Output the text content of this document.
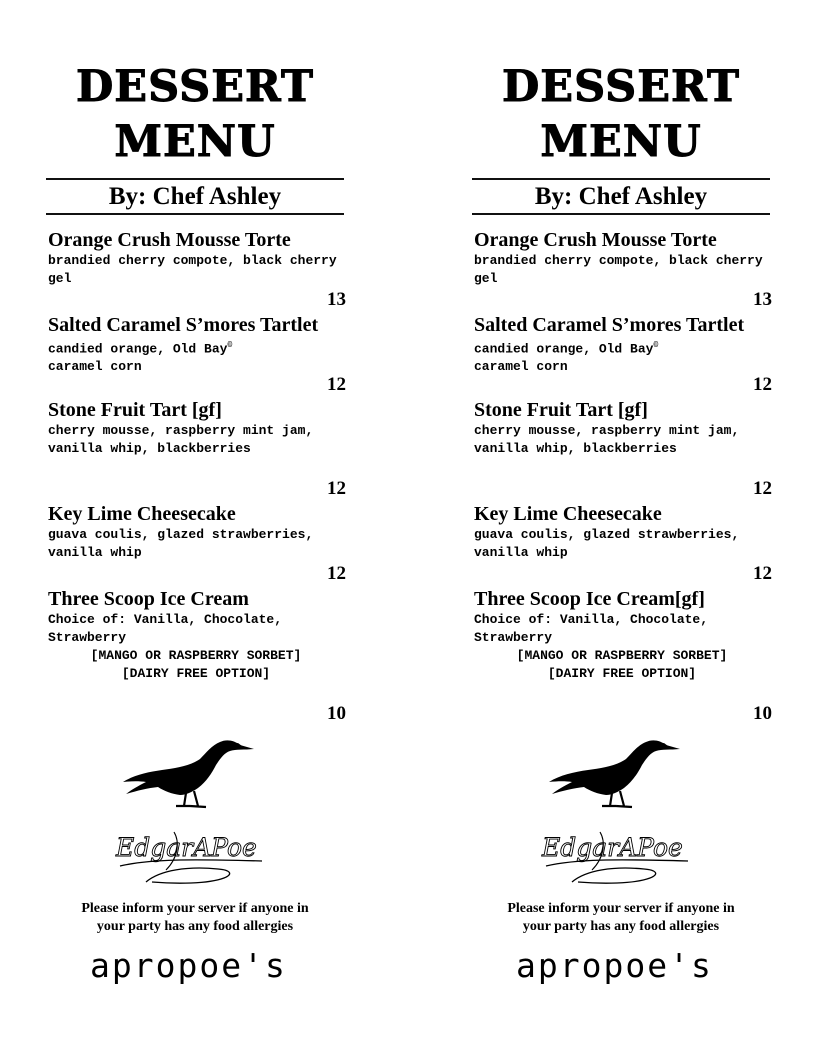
DESSERT
MENU
By: Chef Ashley
Orange Crush Mousse Torte
brandied cherry compote, black cherry gel
13
Salted Caramel S’mores Tartlet
candied orange, Old Bay©
caramel corn
12
Stone Fruit Tart [gf]
cherry mousse, raspberry mint jam, vanilla whip, blackberries
12
Key Lime Cheesecake
guava coulis, glazed strawberries, vanilla whip
12
Three Scoop Ice Cream
Choice of: Vanilla, Chocolate, Strawberry
[MANGO OR RASPBERRY SORBET]
[DAIRY FREE OPTION]
10
EdgarAPoe
Please inform your server if anyone in
your party has any food allergies
apropoe's
DESSERT
MENU
By: Chef Ashley
Orange Crush Mousse Torte
brandied cherry compote, black cherry gel
13
Salted Caramel S’mores Tartlet
candied orange, Old Bay©
caramel corn
12
Stone Fruit Tart [gf]
cherry mousse, raspberry mint jam, vanilla whip, blackberries
12
Key Lime Cheesecake
guava coulis, glazed strawberries, vanilla whip
12
Three Scoop Ice Cream[gf]
Choice of: Vanilla, Chocolate, Strawberry
[MANGO OR RASPBERRY SORBET]
[DAIRY FREE OPTION]
10
EdgarAPoe
Please inform your server if anyone in
your party has any food allergies
apropoe's
